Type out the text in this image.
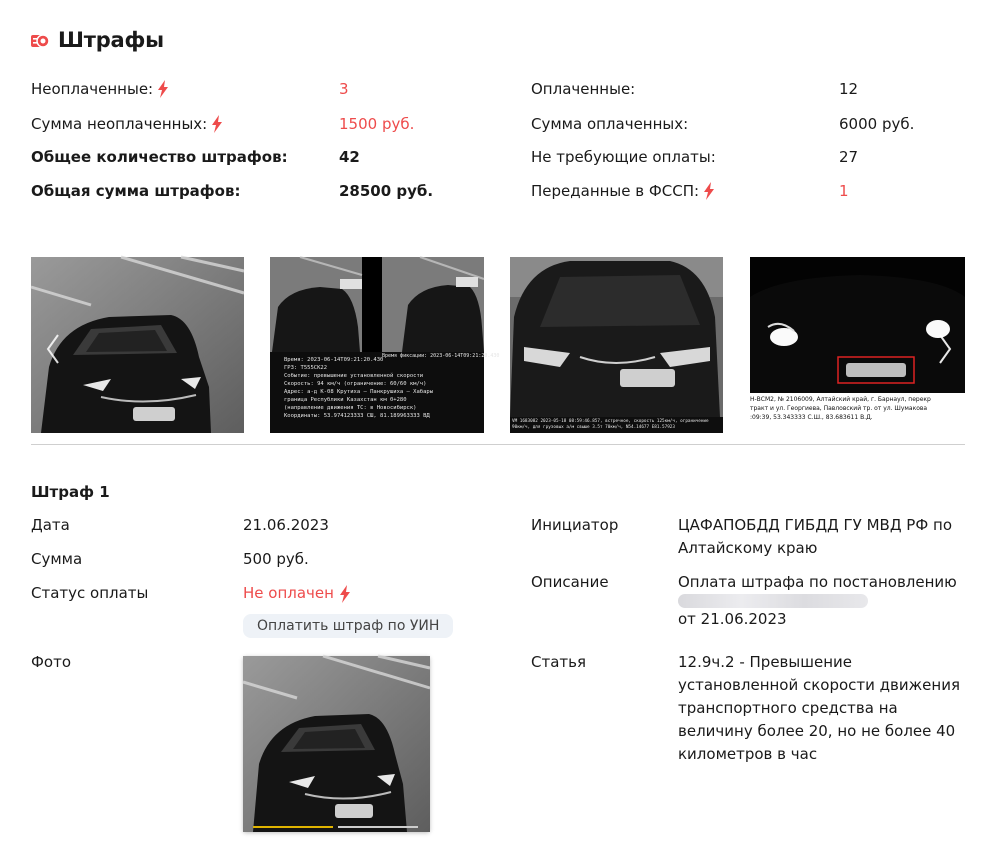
Штрафы
Неоплаченные:	3
Сумма неоплаченных:	1500 руб.
Общее количество штрафов:	42
Общая сумма штрафов:	28500 руб.
Оплаченные:	12
Сумма оплаченных:	6000 руб.
Не требующие оплаты:	27
Переданные в ФССП:	1
Время: 2023-06-14T09:21:20.430
ГРЗ: Т555СК22
Событие: превышение установленной скорости
Скорость: 94 км/ч (ограничение: 60/60 км/ч)
Адрес: а-д К-08 Крутиха – Панкрушиха – Хабары
граница Республики Казахстан км 0+280
(направление движения ТС: в Новосибирск)
Координаты: 53.974123333 СШ, 81.189963333 ВД
Время фиксации: 2023-06-14T09:21:20.430
VM 1683082 2023-05-18 08:59:46.857, встречное, скорость 125км/ч, ограничение 90км/ч, для грузовых а/м свыше 3.5т 70км/ч, N54.14677 E81.57923
Н-ВСМ2, № 2106009, Алтайский край, г. Барнаул, перекр
тракт и ул. Георгиева, Павловский тр. от ул. Шумакова
:09:39, 53.343333 С.Ш., 83.683611 В.Д.
Штраф 1
Дата	21.06.2023
Сумма	500 руб.
Статус оплаты	Не оплачен
Оплатить штраф по УИН
Фото
Инициатор	ЦАФАПОБДД ГИБДД ГУ МВД РФ по Алтайскому краю
Описание	Оплата штрафа по постановлению
от 21.06.2023
Статья	12.9ч.2 - Превышение установленной скорости движения транспортного средства на величину более 20, но не более 40 километров в час
